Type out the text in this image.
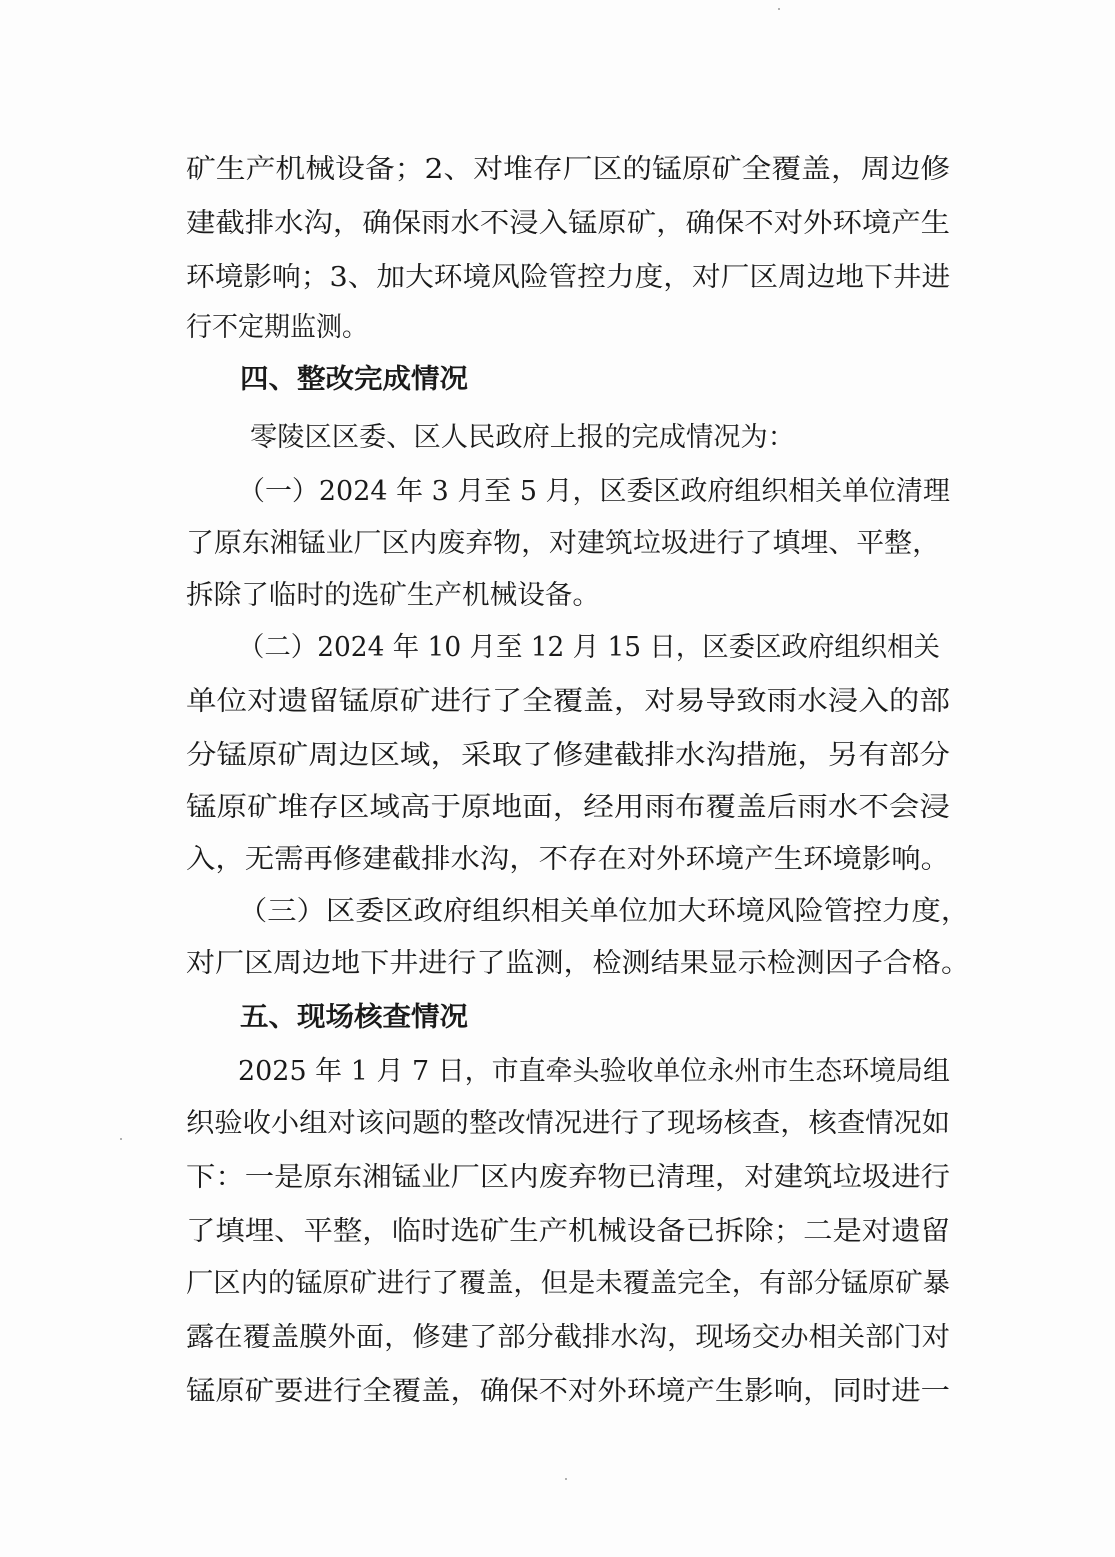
矿生产机械设备；2、对堆存厂区的锰原矿全覆盖，周边修
建截排水沟，确保雨水不浸入锰原矿，确保不对外环境产生
环境影响；3、加大环境风险管控力度，对厂区周边地下井进
行不定期监测。
四、整改完成情况
零陵区区委、区人民政府上报的完成情况为：
（一）2024 年 3 月至 5 月，区委区政府组织相关单位清理
了原东湘锰业厂区内废弃物，对建筑垃圾进行了填埋、平整，
拆除了临时的选矿生产机械设备。
（二）2024 年 10 月至 12 月 15 日，区委区政府组织相关
单位对遗留锰原矿进行了全覆盖，对易导致雨水浸入的部
分锰原矿周边区域，采取了修建截排水沟措施，另有部分
锰原矿堆存区域高于原地面，经用雨布覆盖后雨水不会浸
入，无需再修建截排水沟，不存在对外环境产生环境影响。
（三）区委区政府组织相关单位加大环境风险管控力度，
对厂区周边地下井进行了监测，检测结果显示检测因子合格。
五、现场核查情况
2025 年 1 月 7 日，市直牵头验收单位永州市生态环境局组
织验收小组对该问题的整改情况进行了现场核查，核查情况如
下：一是原东湘锰业厂区内废弃物已清理，对建筑垃圾进行
了填埋、平整，临时选矿生产机械设备已拆除；二是对遗留
厂区内的锰原矿进行了覆盖，但是未覆盖完全，有部分锰原矿暴
露在覆盖膜外面，修建了部分截排水沟，现场交办相关部门对
锰原矿要进行全覆盖，确保不对外环境产生影响，同时进一
